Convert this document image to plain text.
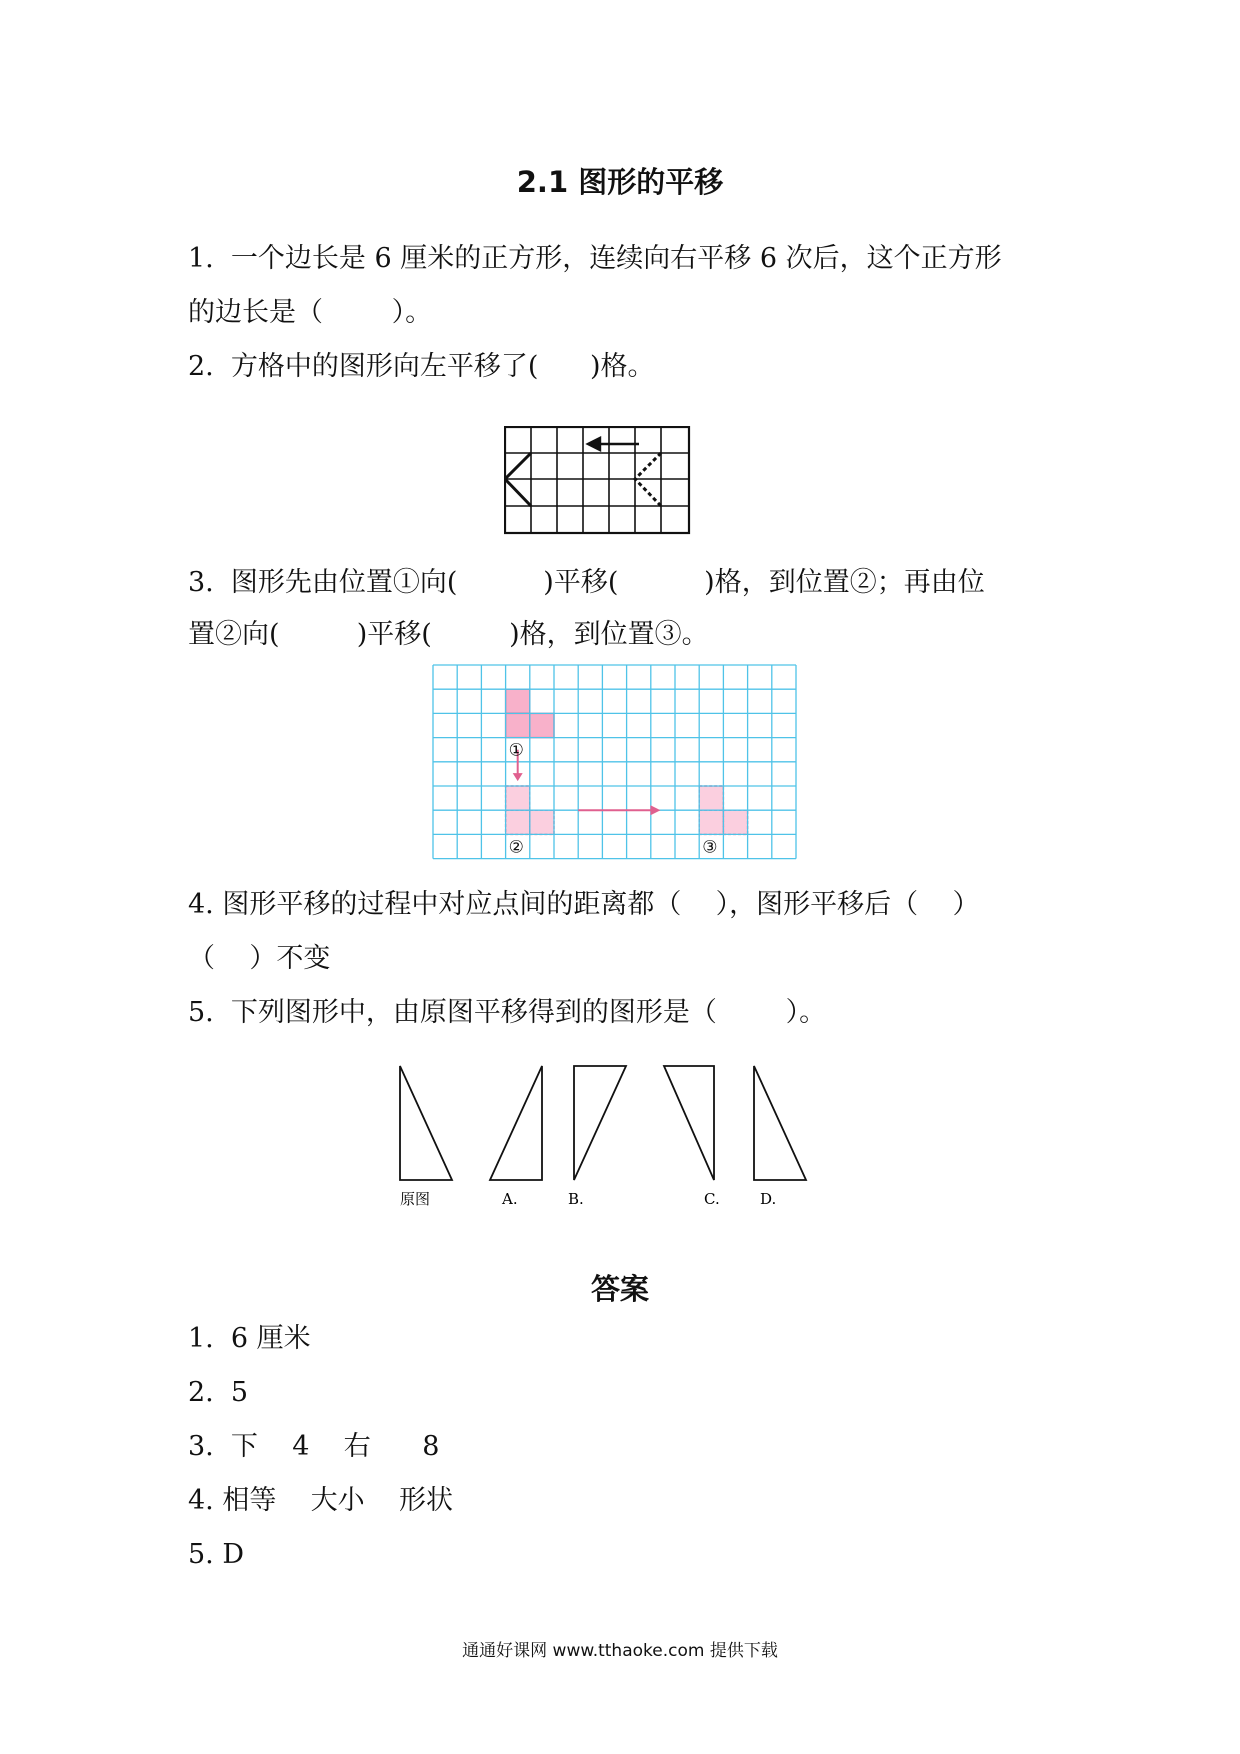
2.1 图形的平移
1.  一个边长是 6 厘米的正方形，连续向右平移 6 次后，这个正方形
的边长是（        ）。
2.  方格中的图形向左平移了(      )格。
3.  图形先由位置①向(          )平移(          )格，到位置②；再由位
置②向(         )平移(         )格，到位置③。
①
②	③
4. 图形平移的过程中对应点间的距离都（    ），图形平移后（    ）
（    ）不变
5.  下列图形中，由原图平移得到的图形是（        ）。
原图	A.	B.	C.	D.
答案
1.  6 厘米
2.  5
3.  下    4    右      8
4. 相等    大小    形状
5. D
通通好课网 www.tthaoke.com 提供下载
